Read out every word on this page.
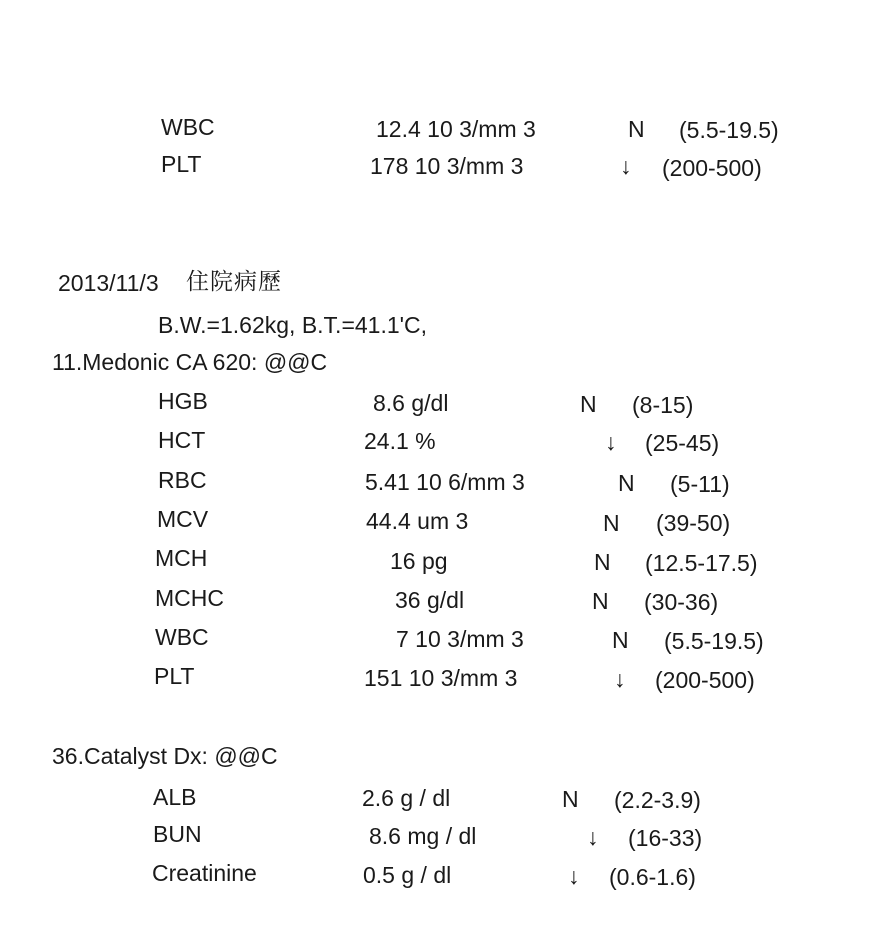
WBC	12.4 10 3/mm 3	N (5.5-19.5)
PLT	178 10 3/mm 3	↓ (200-500)
2013/11/3 住院病歷
B.W.=1.62kg, B.T.=41.1'C,
11.Medonic CA 620: @@C
HGB	8.6 g/dl	N (8-15)
HCT	24.1 %	↓ (25-45)
RBC	5.41 10 6/mm 3	N (5-11)
MCV	44.4 um 3	N (39-50)
MCH	16 pg	N (12.5-17.5)
MCHC	36 g/dl	N (30-36)
WBC	7 10 3/mm 3	N (5.5-19.5)
PLT	151 10 3/mm 3	↓ (200-500)
36.Catalyst Dx: @@C
ALB	2.6 g / dl	N (2.2-3.9)
BUN	8.6 mg / dl	↓ (16-33)
Creatinine	0.5 g / dl	↓ (0.6-1.6)
